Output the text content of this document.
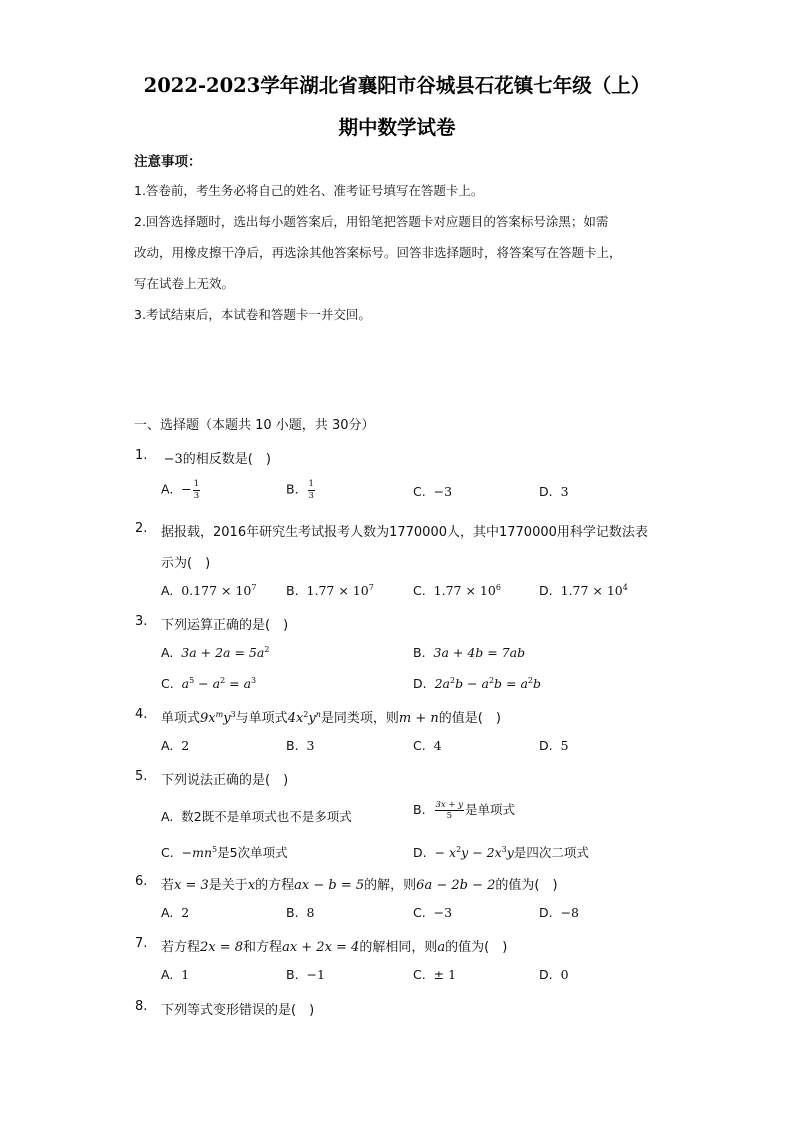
2022-2023学年湖北省襄阳市谷城县石花镇七年级（上）
期中数学试卷
注意事项：
1.答卷前，考生务必将自己的姓名、准考证号填写在答题卡上。
2.回答选择题时，选出每小题答案后，用铅笔把答题卡对应题目的答案标号涂黑；如需
改动，用橡皮擦干净后，再选涂其他答案标号。回答非选择题时，将答案写在答题卡上，
写在试卷上无效。
3.考试结束后，本试卷和答题卡一并交回。
一、选择题（本题共 10 小题，共 30分）
1.
   −3的相反数是(　)
A. − $\frac{1}{3}$	B. $\frac{1}{3}$	C. −3	D. 3
2. 据报载，2016年研究生考试报考人数为1770000人，其中1770000用科学记数法表
示为(　)
A. $0.177 \times 10^7$ B. $1.77 \times 10^7$	C. $1.77 \times 10^6$	D. $1.77 \times 10^4$
3. 下列运算正确的是(　)
A. $3a + 2a = 5a^2$	B. 3a + 4b = 7ab
C. $a^5 - a^2 = a^3$	D. $2a^2b - a^2b = a^2b$
4. 单项式$9x^my^3$与单项式$4x^2y^n$是同类项，则m + n的值是(　)
A. 2	B. 3	C. 4	D. 5
5. 下列说法正确的是(　)
A. 数2既不是单项式也不是多项式	B. $\frac{3x + y}{5}$ 是单项式
C. $-mn^5$是5次单项式	D. − $x^2y - 2x^3y$是四次二项式
6. 若x = 3是关于x的方程ax − b = 5的解，则6a − 2b − 2的值为(　)
A. 2	B. 8	C. −3	D. −8
7. 若方程2x = 8和方程ax + 2x = 4的解相同，则a的值为(　)
A. 1	B. −1	C. ± 1	D. 0
8. 下列等式变形错误的是(　)
